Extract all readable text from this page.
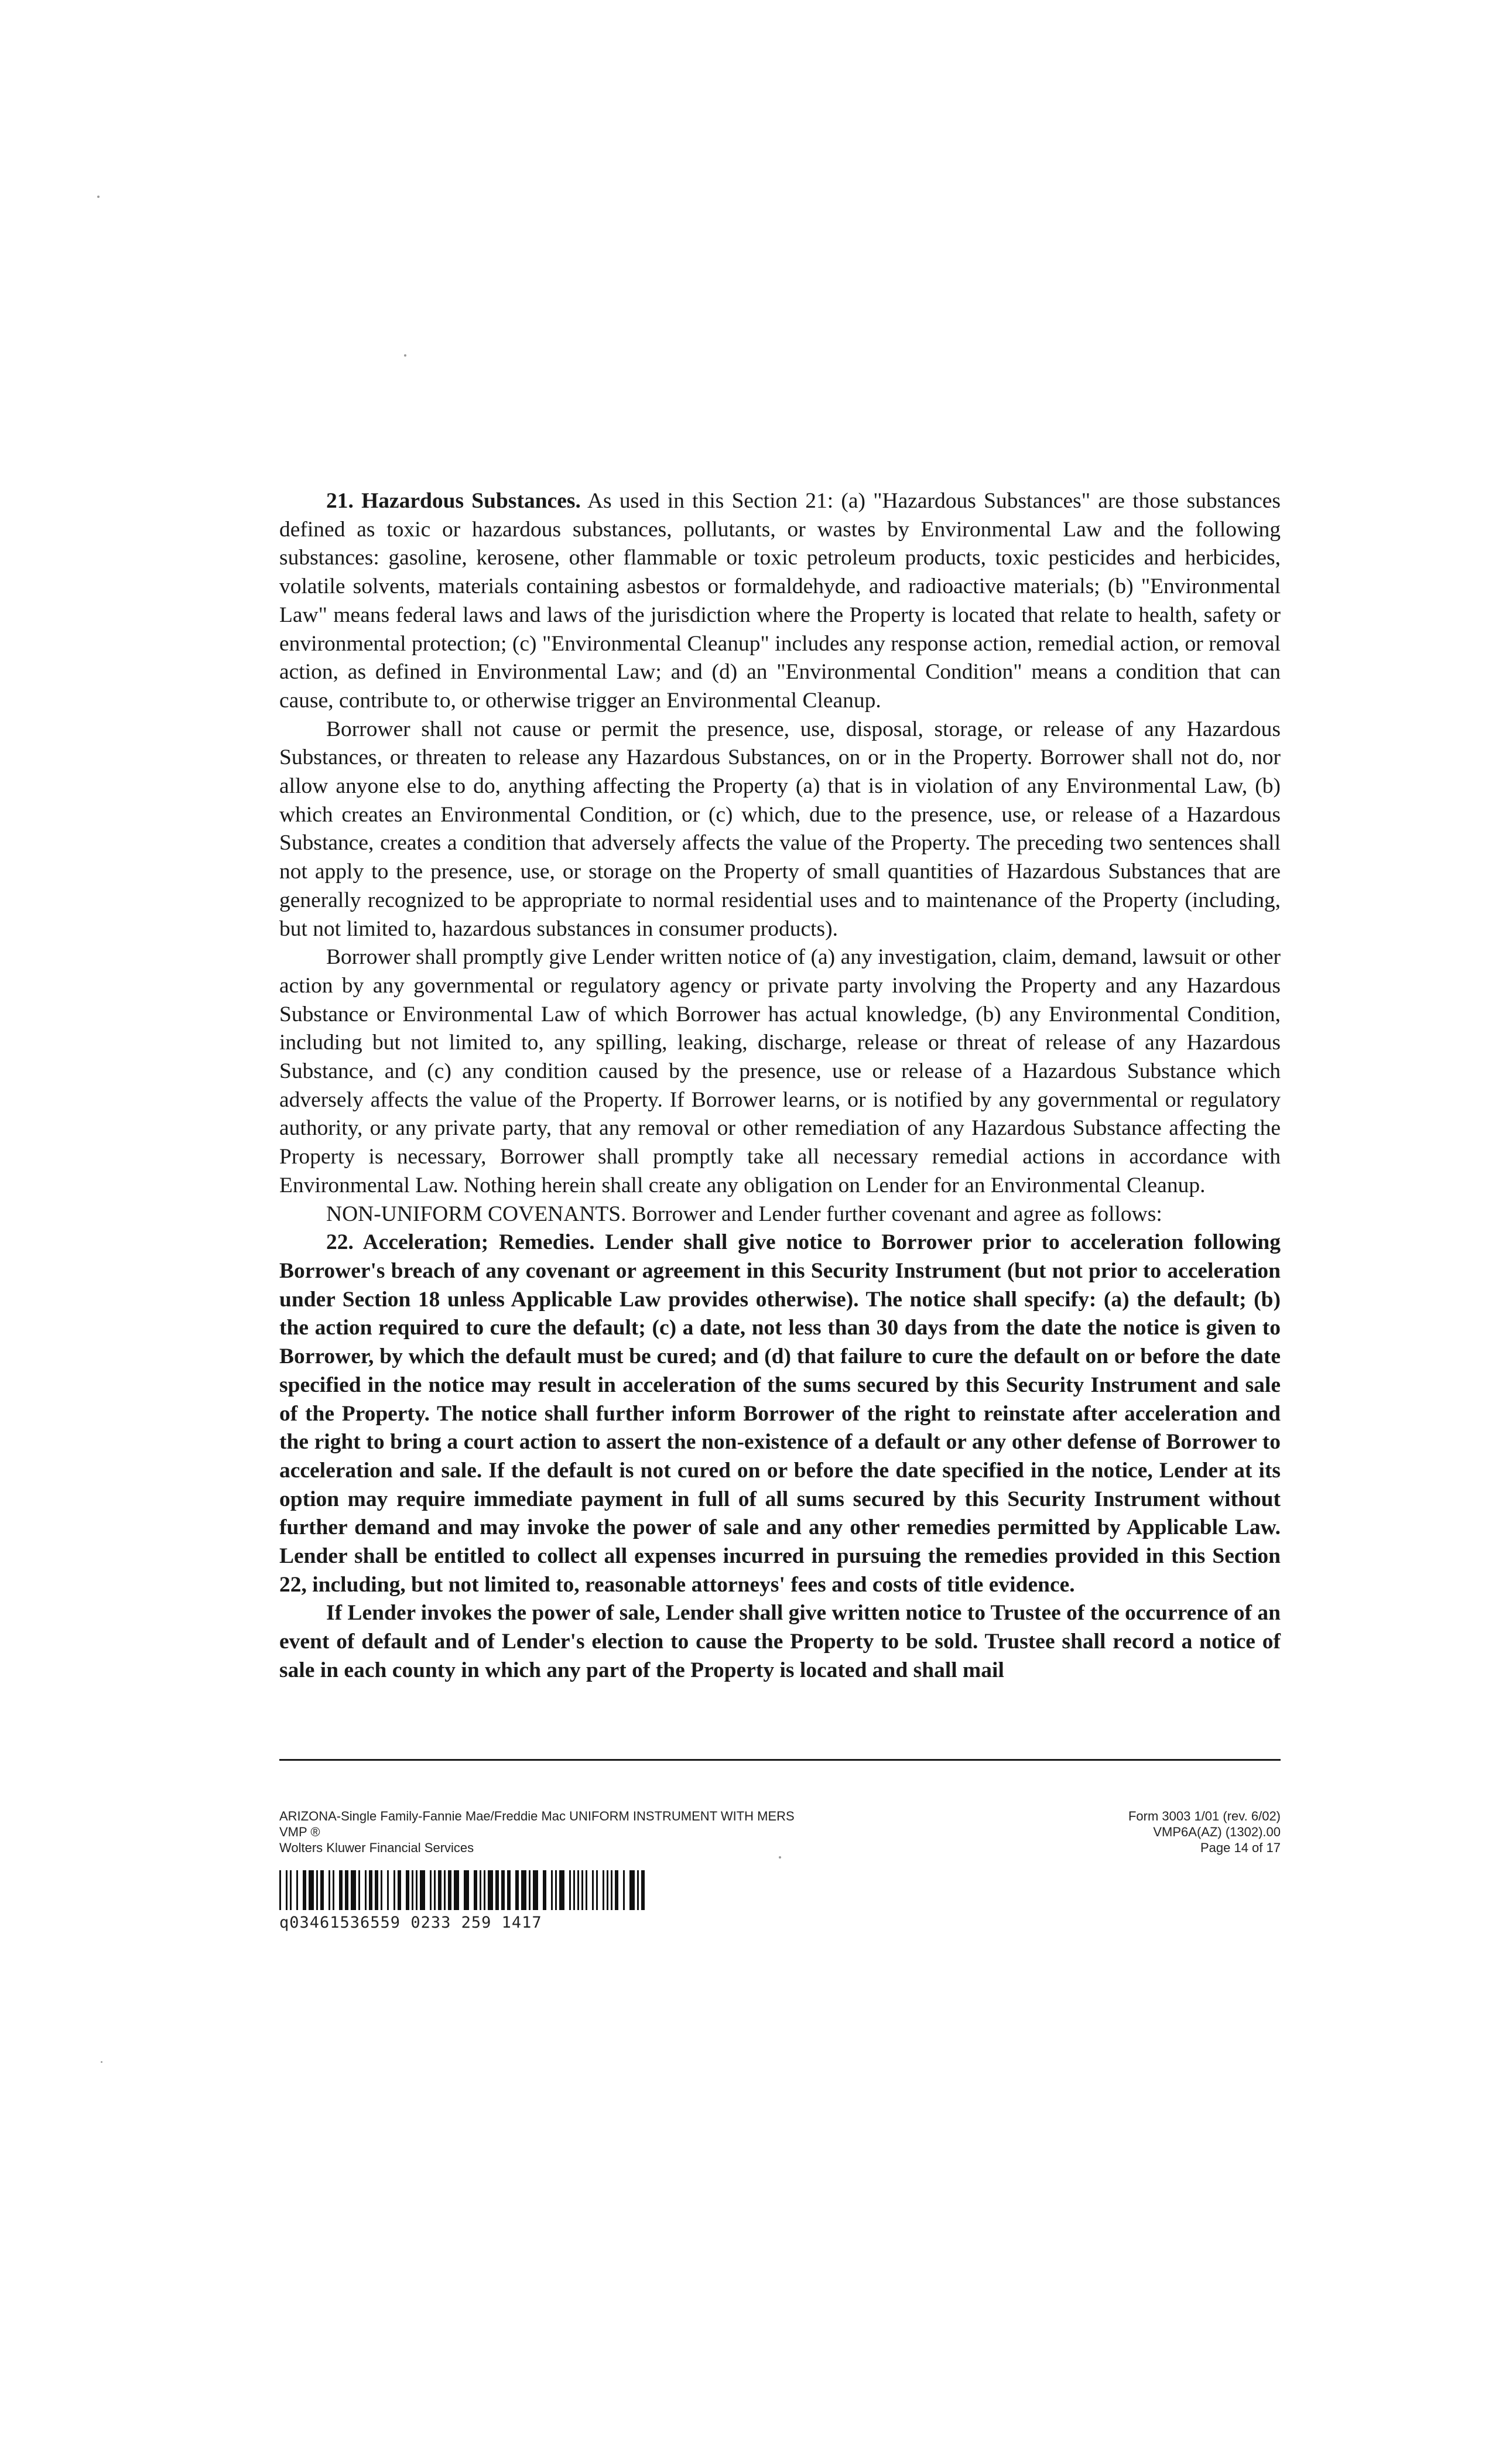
21. Hazardous Substances. As used in this Section 21: (a) "Hazardous Substances" are those substances defined as toxic or hazardous substances, pollutants, or wastes by Environmental Law and the following substances: gasoline, kerosene, other flammable or toxic petroleum products, toxic pesticides and herbicides, volatile solvents, materials containing asbestos or formaldehyde, and radioactive materials; (b) "Environmental Law" means federal laws and laws of the jurisdiction where the Property is located that relate to health, safety or environmental protection; (c) "Environmental Cleanup" includes any response action, remedial action, or removal action, as defined in Environmental Law; and (d) an "Environmental Condition" means a condition that can cause, contribute to, or otherwise trigger an Environmental Cleanup.

Borrower shall not cause or permit the presence, use, disposal, storage, or release of any Hazardous Substances, or threaten to release any Hazardous Substances, on or in the Property. Borrower shall not do, nor allow anyone else to do, anything affecting the Property (a) that is in violation of any Environmental Law, (b) which creates an Environmental Condition, or (c) which, due to the presence, use, or release of a Hazardous Substance, creates a condition that adversely affects the value of the Property. The preceding two sentences shall not apply to the presence, use, or storage on the Property of small quantities of Hazardous Substances that are generally recognized to be appropriate to normal residential uses and to maintenance of the Property (including, but not limited to, hazardous substances in consumer products).

Borrower shall promptly give Lender written notice of (a) any investigation, claim, demand, lawsuit or other action by any governmental or regulatory agency or private party involving the Property and any Hazardous Substance or Environmental Law of which Borrower has actual knowledge, (b) any Environmental Condition, including but not limited to, any spilling, leaking, discharge, release or threat of release of any Hazardous Substance, and (c) any condition caused by the presence, use or release of a Hazardous Substance which adversely affects the value of the Property. If Borrower learns, or is notified by any governmental or regulatory authority, or any private party, that any removal or other remediation of any Hazardous Substance affecting the Property is necessary, Borrower shall promptly take all necessary remedial actions in accordance with Environmental Law. Nothing herein shall create any obligation on Lender for an Environmental Cleanup.

NON-UNIFORM COVENANTS. Borrower and Lender further covenant and agree as follows:

22. Acceleration; Remedies. Lender shall give notice to Borrower prior to acceleration following Borrower's breach of any covenant or agreement in this Security Instrument (but not prior to acceleration under Section 18 unless Applicable Law provides otherwise). The notice shall specify: (a) the default; (b) the action required to cure the default; (c) a date, not less than 30 days from the date the notice is given to Borrower, by which the default must be cured; and (d) that failure to cure the default on or before the date specified in the notice may result in acceleration of the sums secured by this Security Instrument and sale of the Property. The notice shall further inform Borrower of the right to reinstate after acceleration and the right to bring a court action to assert the non-existence of a default or any other defense of Borrower to acceleration and sale. If the default is not cured on or before the date specified in the notice, Lender at its option may require immediate payment in full of all sums secured by this Security Instrument without further demand and may invoke the power of sale and any other remedies permitted by Applicable Law. Lender shall be entitled to collect all expenses incurred in pursuing the remedies provided in this Section 22, including, but not limited to, reasonable attorneys' fees and costs of title evidence.

If Lender invokes the power of sale, Lender shall give written notice to Trustee of the occurrence of an event of default and of Lender's election to cause the Property to be sold. Trustee shall record a notice of sale in each county in which any part of the Property is located and shall mail

ARIZONA-Single Family-Fannie Mae/Freddie Mac UNIFORM INSTRUMENT WITH MERS
VMP ®
Wolters Kluwer Financial Services
Form 3003 1/01 (rev. 6/02)
VMP6A(AZ) (1302).00
Page 14 of 17
q03461536559 0233 259 1417
